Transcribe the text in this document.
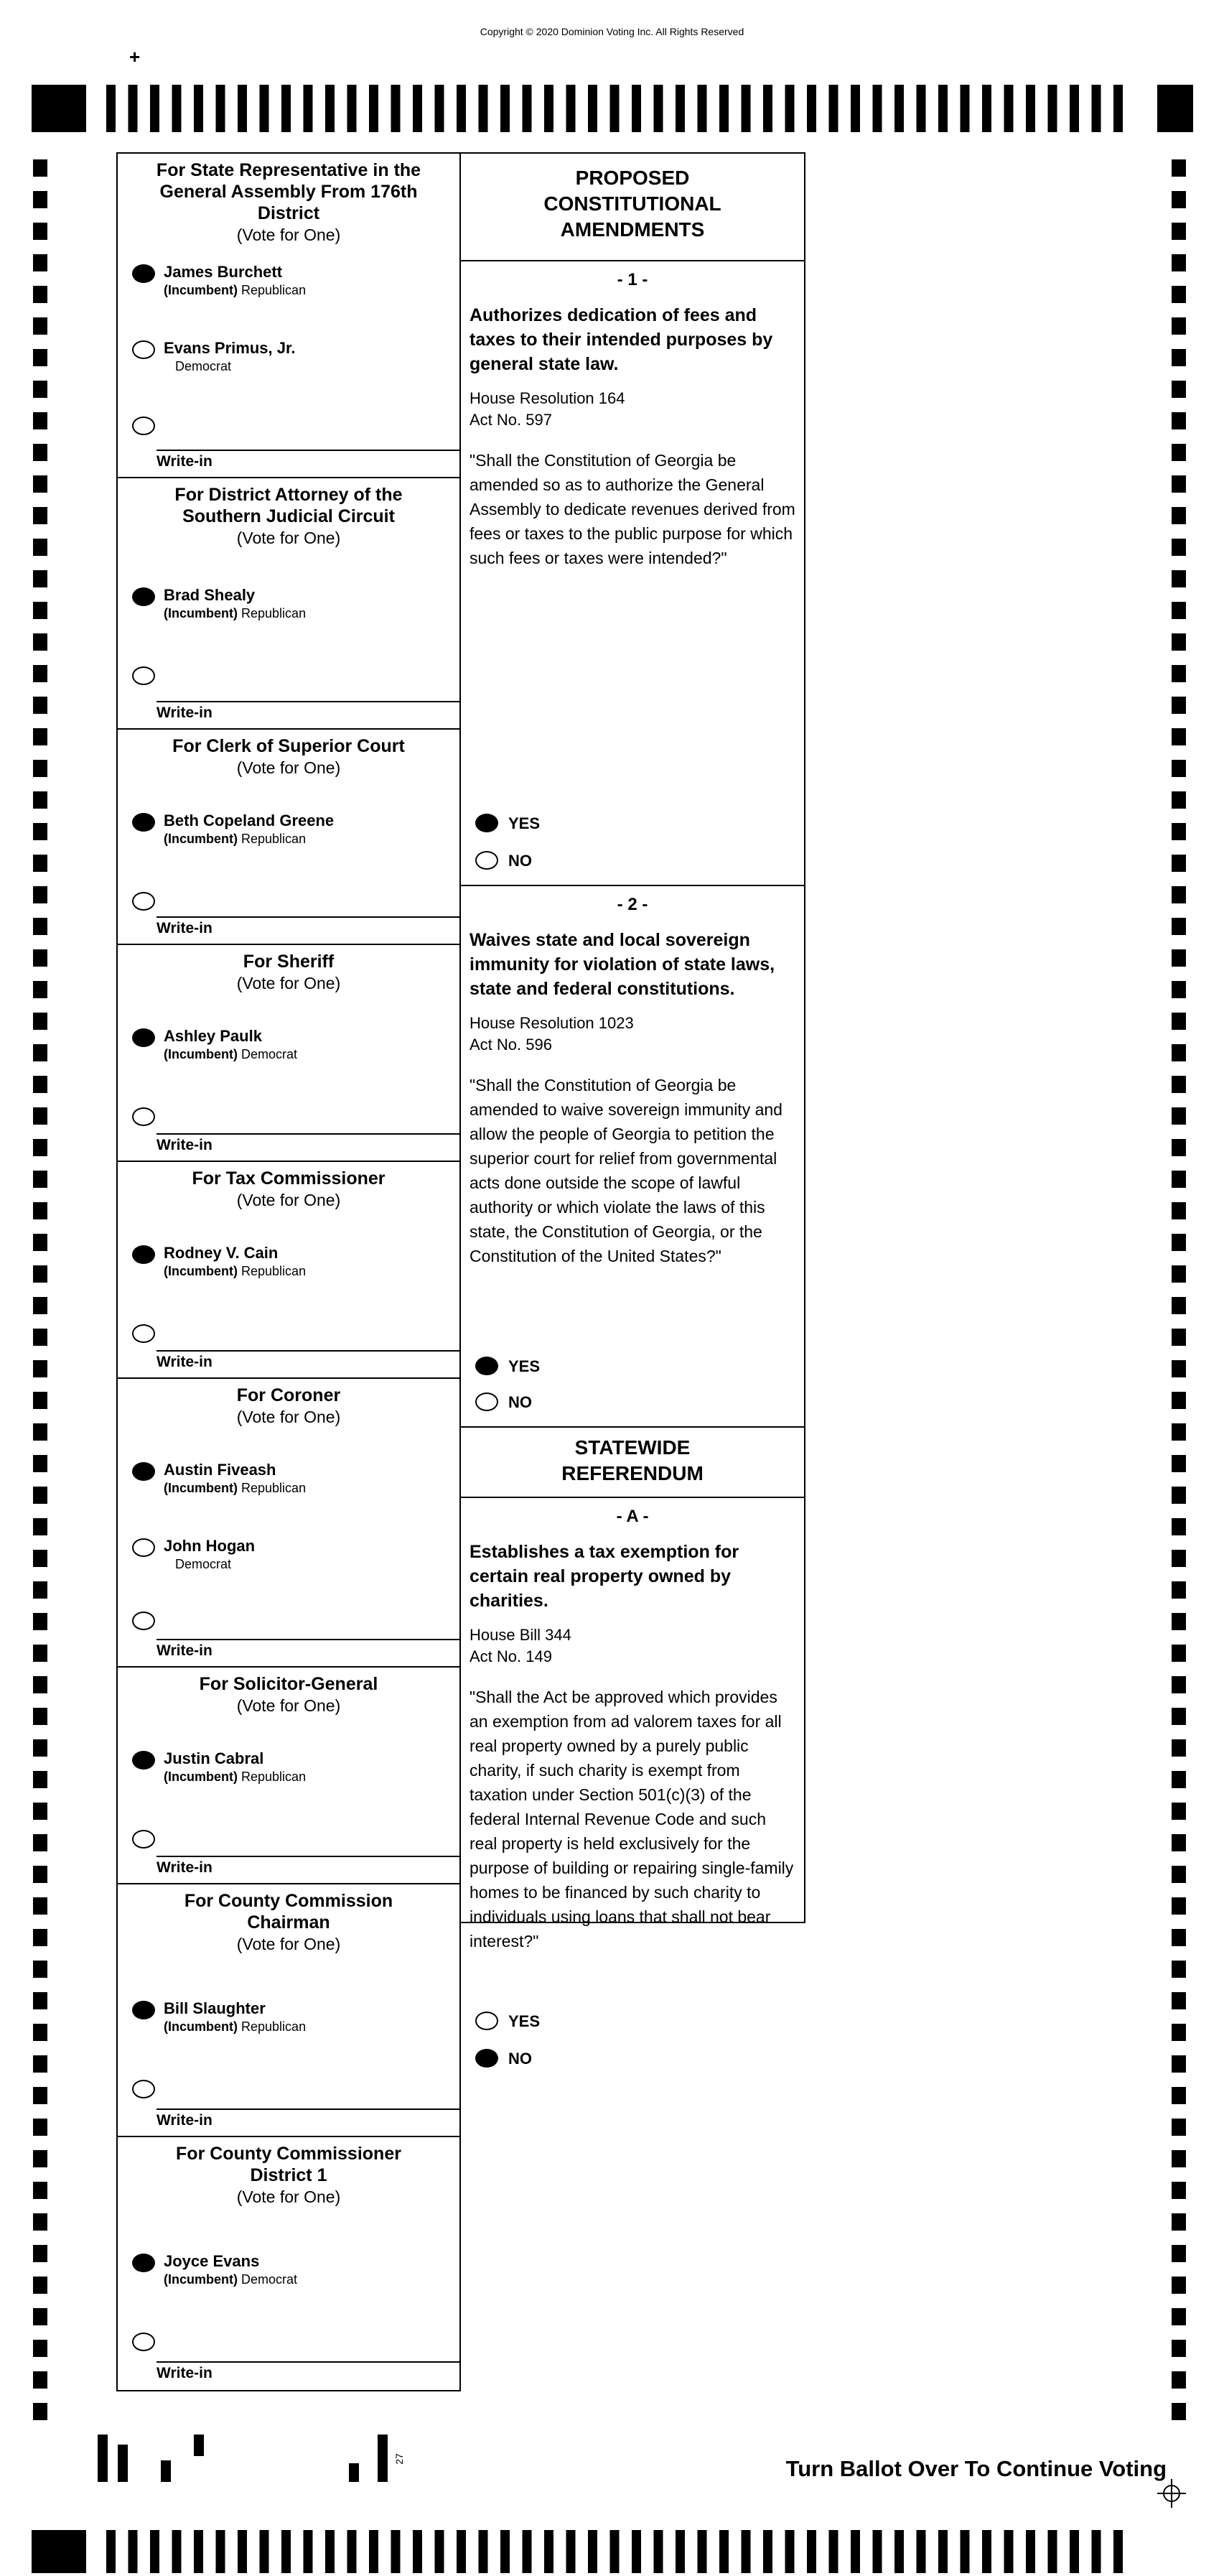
Copyright © 2020 Dominion Voting Inc. All Rights Reserved
+
For State Representative in the General Assembly From 176th District
(Vote for One)
James Burchett
(Incumbent) Republican
Evans Primus, Jr.
Democrat
Write-in
For District Attorney of the Southern Judicial Circuit
(Vote for One)
Brad Shealy
(Incumbent) Republican
Write-in
For Clerk of Superior Court
(Vote for One)
Beth Copeland Greene
(Incumbent) Republican
Write-in
For Sheriff
(Vote for One)
Ashley Paulk
(Incumbent) Democrat
Write-in
For Tax Commissioner
(Vote for One)
Rodney V. Cain
(Incumbent) Republican
Write-in
For Coroner
(Vote for One)
Austin Fiveash
(Incumbent) Republican
John Hogan
Democrat
Write-in
For Solicitor-General
(Vote for One)
Justin Cabral
(Incumbent) Republican
Write-in
For County Commission Chairman
(Vote for One)
Bill Slaughter
(Incumbent) Republican
Write-in
For County Commissioner District 1
(Vote for One)
Joyce Evans
(Incumbent) Democrat
Write-in
PROPOSED CONSTITUTIONAL AMENDMENTS
- 1 -
Authorizes dedication of fees and taxes to their intended purposes by general state law.
House Resolution 164
Act No. 597
"Shall the Constitution of Georgia be amended so as to authorize the General Assembly to dedicate revenues derived from fees or taxes to the public purpose for which such fees or taxes were intended?"
YES
NO
- 2 -
Waives state and local sovereign immunity for violation of state laws, state and federal constitutions.
House Resolution 1023
Act No. 596
"Shall the Constitution of Georgia be amended to waive sovereign immunity and allow the people of Georgia to petition the superior court for relief from governmental acts done outside the scope of lawful authority or which violate the laws of this state, the Constitution of Georgia, or the Constitution of the United States?"
YES
NO
STATEWIDE REFERENDUM
- A -
Establishes a tax exemption for certain real property owned by charities.
House Bill 344
Act No. 149
"Shall the Act be approved which provides an exemption from ad valorem taxes for all real property owned by a purely public charity, if such charity is exempt from taxation under Section 501(c)(3) of the federal Internal Revenue Code and such real property is held exclusively for the purpose of building or repairing single-family homes to be financed by such charity to individuals using loans that shall not bear interest?"
YES
NO
Turn Ballot Over To Continue Voting
27
